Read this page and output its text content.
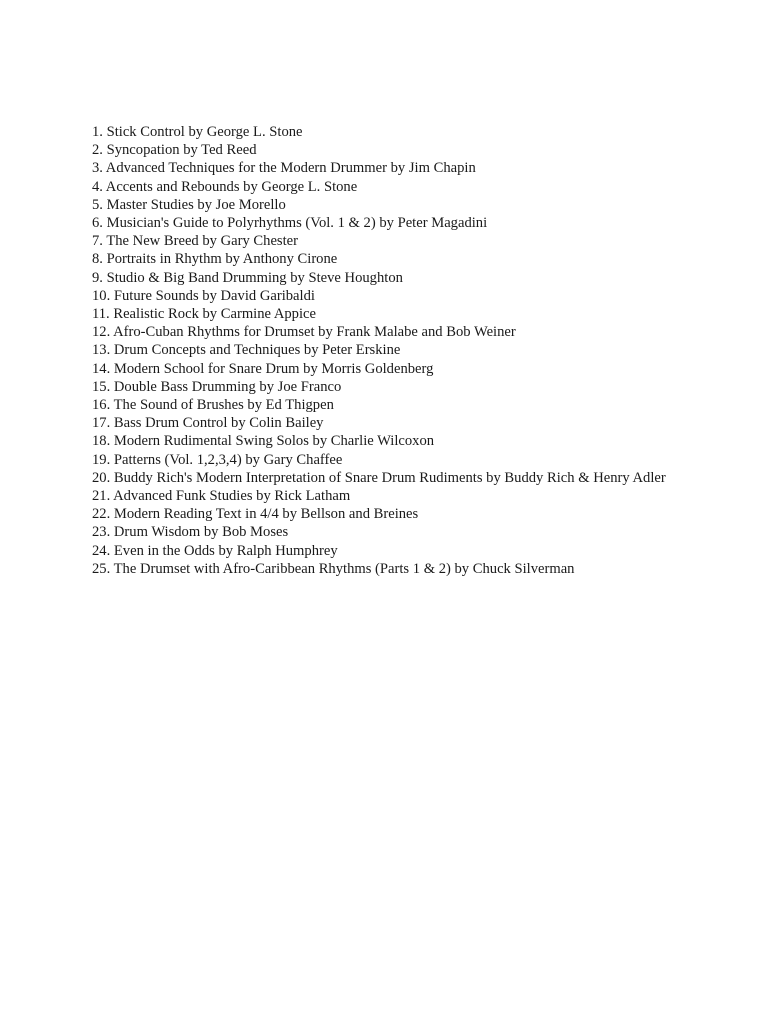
1. Stick Control by George L. Stone
2. Syncopation by Ted Reed
3. Advanced Techniques for the Modern Drummer by Jim Chapin
4. Accents and Rebounds by George L. Stone
5. Master Studies by Joe Morello
6. Musician's Guide to Polyrhythms (Vol. 1 & 2) by Peter Magadini
7. The New Breed by Gary Chester
8. Portraits in Rhythm by Anthony Cirone
9. Studio & Big Band Drumming by Steve Houghton
10. Future Sounds by David Garibaldi
11. Realistic Rock by Carmine Appice
12. Afro-Cuban Rhythms for Drumset by Frank Malabe and Bob Weiner
13. Drum Concepts and Techniques by Peter Erskine
14. Modern School for Snare Drum by Morris Goldenberg
15. Double Bass Drumming by Joe Franco
16. The Sound of Brushes by Ed Thigpen
17. Bass Drum Control by Colin Bailey
18. Modern Rudimental Swing Solos by Charlie Wilcoxon
19. Patterns (Vol. 1,2,3,4) by Gary Chaffee
20. Buddy Rich's Modern Interpretation of Snare Drum Rudiments by Buddy Rich & Henry Adler
21. Advanced Funk Studies by Rick Latham
22. Modern Reading Text in 4/4 by Bellson and Breines
23. Drum Wisdom by Bob Moses
24. Even in the Odds by Ralph Humphrey
25. The Drumset with Afro-Caribbean Rhythms (Parts 1 & 2) by Chuck Silverman
